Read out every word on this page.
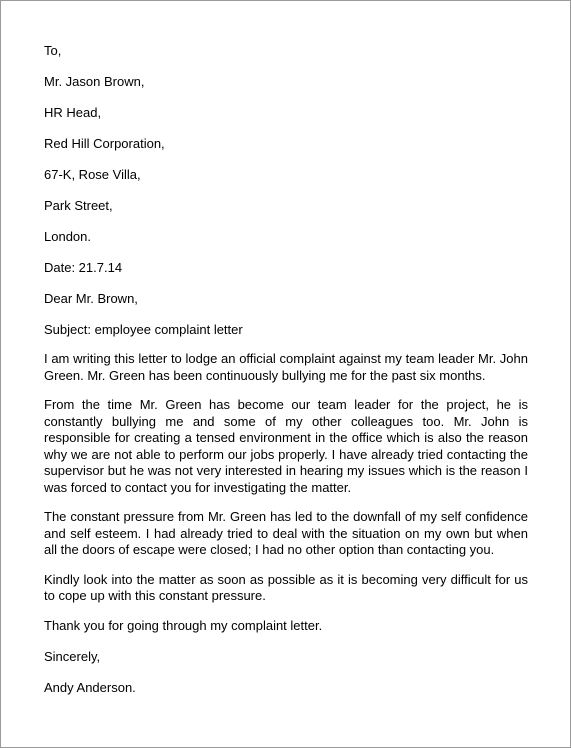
To,

Mr. Jason Brown,

HR Head,

Red Hill Corporation,

67-K, Rose Villa,

Park Street,

London.

Date: 21.7.14

Dear Mr. Brown,

Subject: employee complaint letter

I am writing this letter to lodge an official complaint against my team leader Mr. John Green. Mr. Green has been continuously bullying me for the past six months.

From the time Mr. Green has become our team leader for the project, he is constantly bullying me and some of my other colleagues too. Mr. John is responsible for creating a tensed environment in the office which is also the reason why we are not able to perform our jobs properly. I have already tried contacting the supervisor but he was not very interested in hearing my issues which is the reason I was forced to contact you for investigating the matter.

The constant pressure from Mr. Green has led to the downfall of my self confidence and self esteem. I had already tried to deal with the situation on my own but when all the doors of escape were closed; I had no other option than contacting you.

Kindly look into the matter as soon as possible as it is becoming very difficult for us to cope up with this constant pressure.

Thank you for going through my complaint letter.

Sincerely,

Andy Anderson.
